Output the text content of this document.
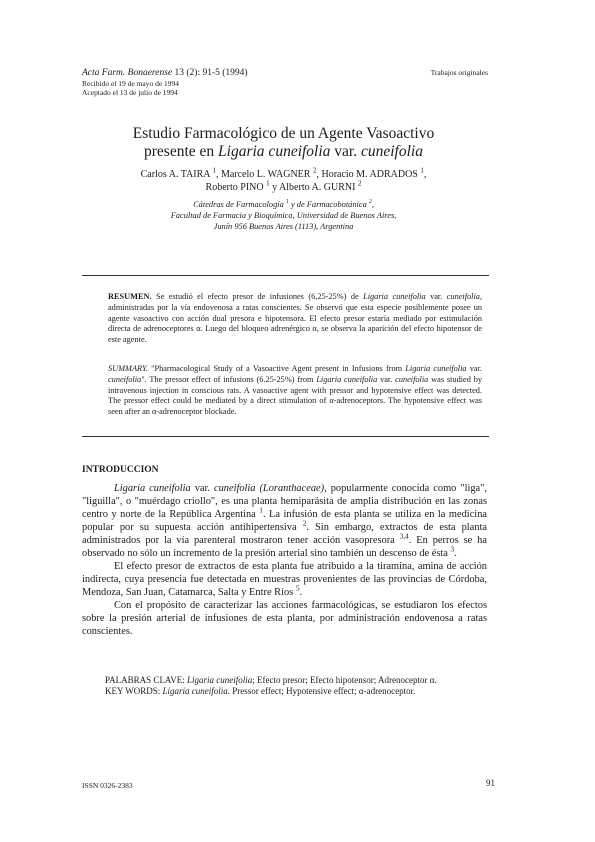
Acta Farm. Bonaerense 13 (2): 91-5 (1994)
Recibido el 19 de mayo de 1994
Aceptado el 13 de julio de 1994
Trabajos originales
Estudio Farmacológico de un Agente Vasoactivo
presente en Ligaria cuneifolia var. cuneifolia
Carlos A. TAIRA $^1$, Marcelo L. WAGNER $^2$, Horacio M. ADRADOS $^1$,
Roberto PINO $^1$ y Alberto A. GURNI $^2$
Cátedras de Farmacología $^1$ y de Farmacobotánica $^2$,
Facultad de Farmacia y Bioquímica, Universidad de Buenos Aires,
Junín 956 Buenos Aires (1113), Argentina
RESUMEN. Se estudió el efecto presor de infusiones (6,25-25%) de Ligaria cuneifolia var. cuneifolia, administradas por la vía endovenosa a ratas conscientes. Se observó que esta especie posiblemente posee un agente vasoactivo con acción dual presora e hipotensora. El efecto presor estaría mediado por estimulación directa de adrenoceptores α. Luego del bloqueo adrenérgico α, se observa la aparición del efecto hipotensor de este agente.
SUMMARY. "Pharmacological Study of a Vasoactive Agent present in Infusions from Ligaria cuneifolia var. cuneifolia". The pressor effect of infusions (6.25-25%) from Ligaria cuneifolia var. cuneifolia was studied by intravenous injection in conscious rats. A vasoactive agent with pressor and hypotensive effect was detected. The pressor effect could be mediated by a direct stimulation of α-adrenoceptors. The hypotensive effect was seen after an α-adrenoceptor blockade.
INTRODUCCION

Ligaria cuneifolia var. cuneifolia (Loranthaceae), popularmente conocida como "liga", "liguilla", o "muérdago criollo", es una planta hemiparásita de amplia distribución en las zonas centro y norte de la República Argentina $^1$. La infusión de esta planta se utiliza en la medicina popular por su supuesta acción antihipertensiva $^2$. Sin embargo, extractos de esta planta administrados por la vía parenteral mostraron tener acción vasopresora $^{3,4}$. En perros se ha observado no sólo un incremento de la presión arterial sino también un descenso de ésta $^3$.

El efecto presor de extractos de esta planta fue atribuido a la tiramina, amina de acción indirecta, cuya presencia fue detectada en muestras provenientes de las provincias de Córdoba, Mendoza, San Juan, Catamarca, Salta y Entre Ríos $^5$.

Con el propósito de caracterizar las acciones farmacológicas, se estudiaron los efectos sobre la presión arterial de infusiones de esta planta, por administración endovenosa a ratas conscientes.

PALABRAS CLAVE: Ligaria cuneifolia; Efecto presor; Efecto hipotensor; Adrenoceptor α.
KEY WORDS: Ligaria cuneifolia. Pressor effect; Hypotensive effect; α-adrenoceptor.
ISSN 0326-2383	91
